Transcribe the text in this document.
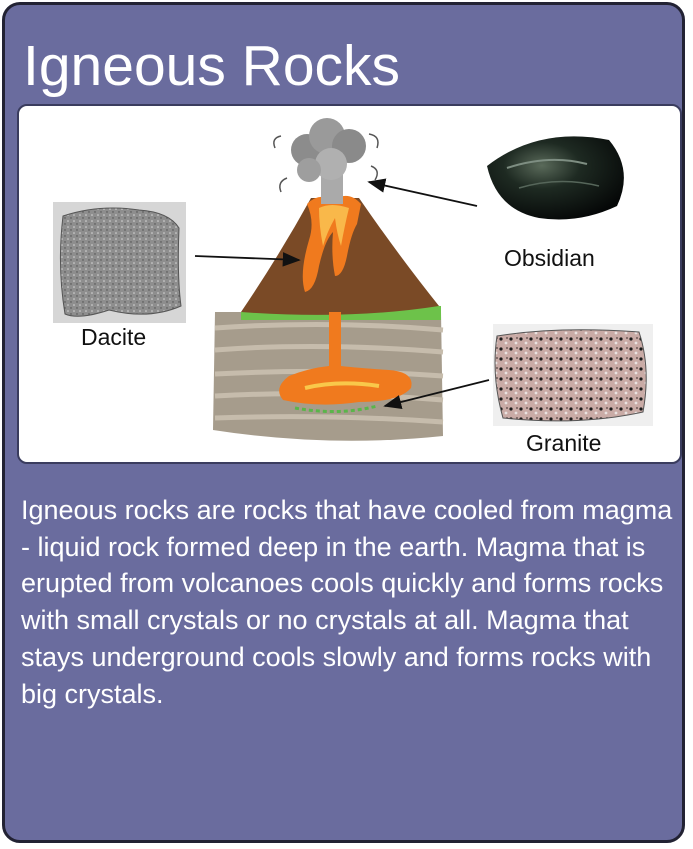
Igneous Rocks
Dacite
Obsidian
Granite
Igneous rocks are rocks that have cooled from magma - liquid rock formed deep in the earth. Magma that is erupted from volcanoes cools quickly and forms rocks with small crystals or no crystals at all. Magma that stays underground cools slowly and forms rocks with big crystals.
